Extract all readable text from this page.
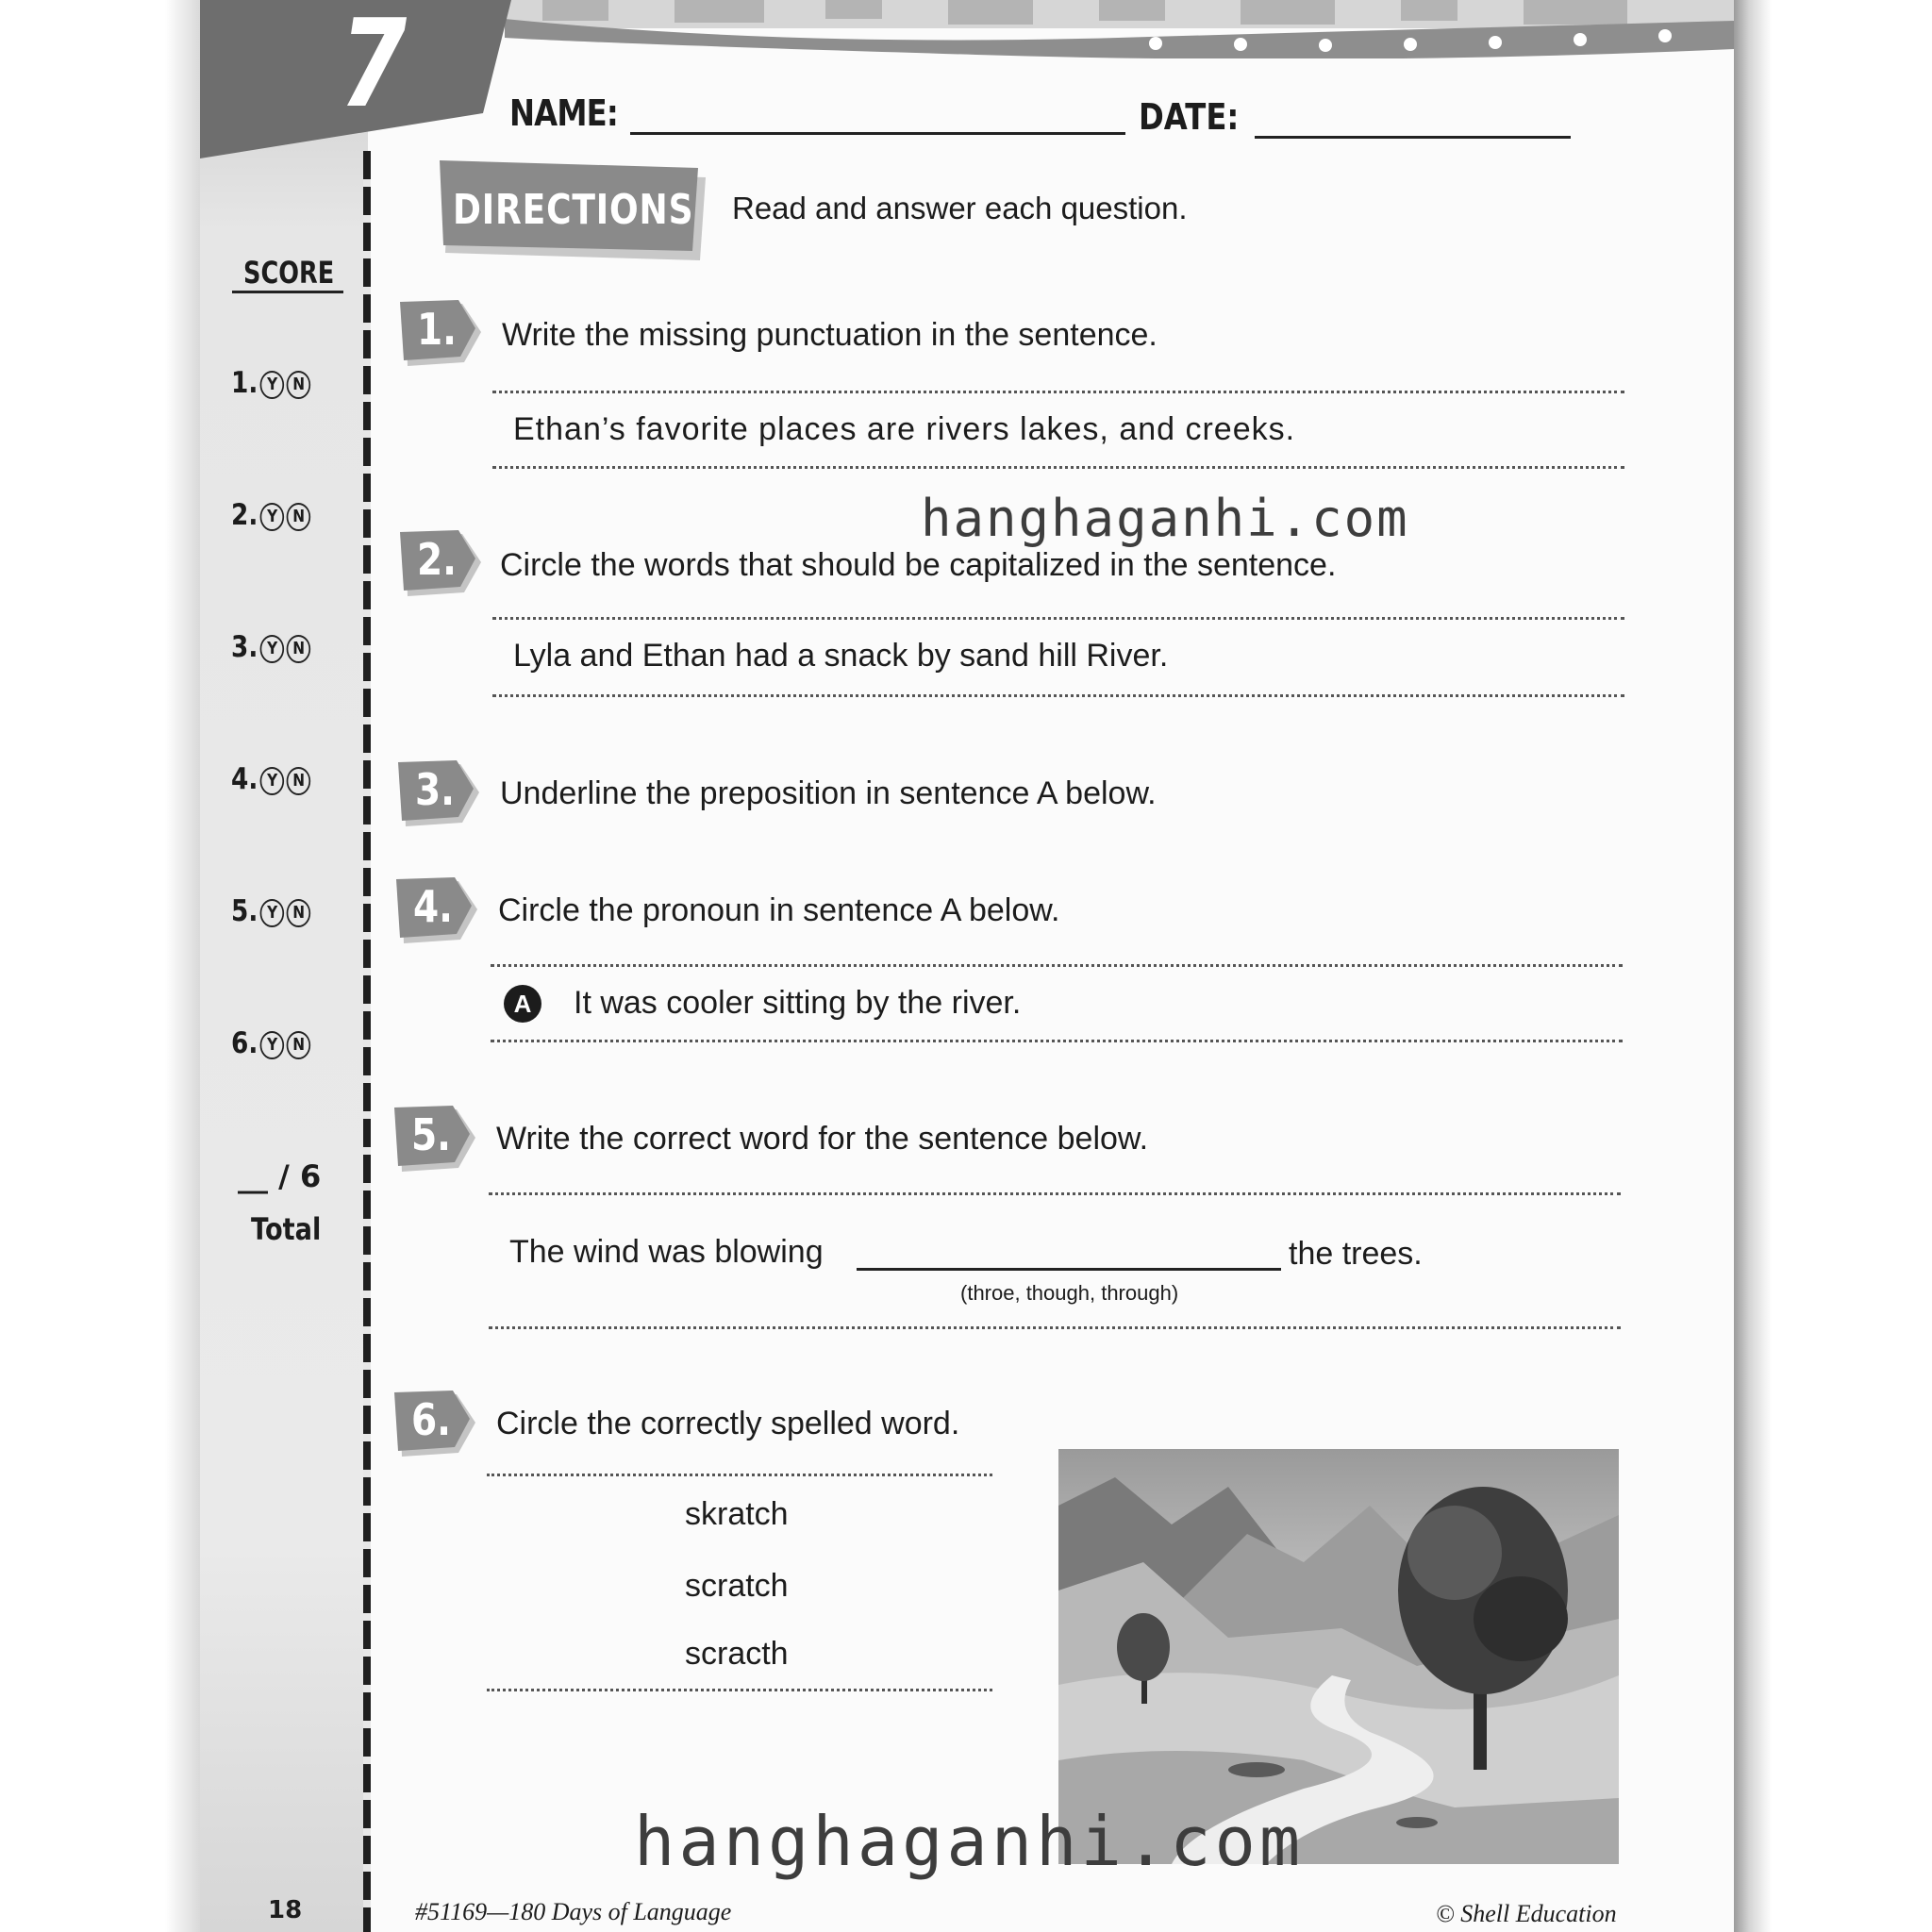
7	NAME:	DATE:
DIRECTIONS Read and answer each question.
SCORE
1. Y N
2. Y N
3. Y N
4. Y N
5. Y N
6. Y N
__ / 6
Total
1. Write the missing punctuation in the sentence.
Ethan’s favorite places are rivers lakes, and creeks.
2. Circle the words that should be capitalized in the sentence.
Lyla and Ethan had a snack by sand hill River.
3. Underline the preposition in sentence A below.
4. Circle the pronoun in sentence A below.
A	It was cooler sitting by the river.
5. Write the correct word for the sentence below.
The wind was blowing	the trees.
(throe, though, through)
6. Circle the correctly spelled word.
skratch
scratch
scracth
hanghaganhi.com
hanghaganhi.com
18	#51169—180 Days of Language	© Shell Education
